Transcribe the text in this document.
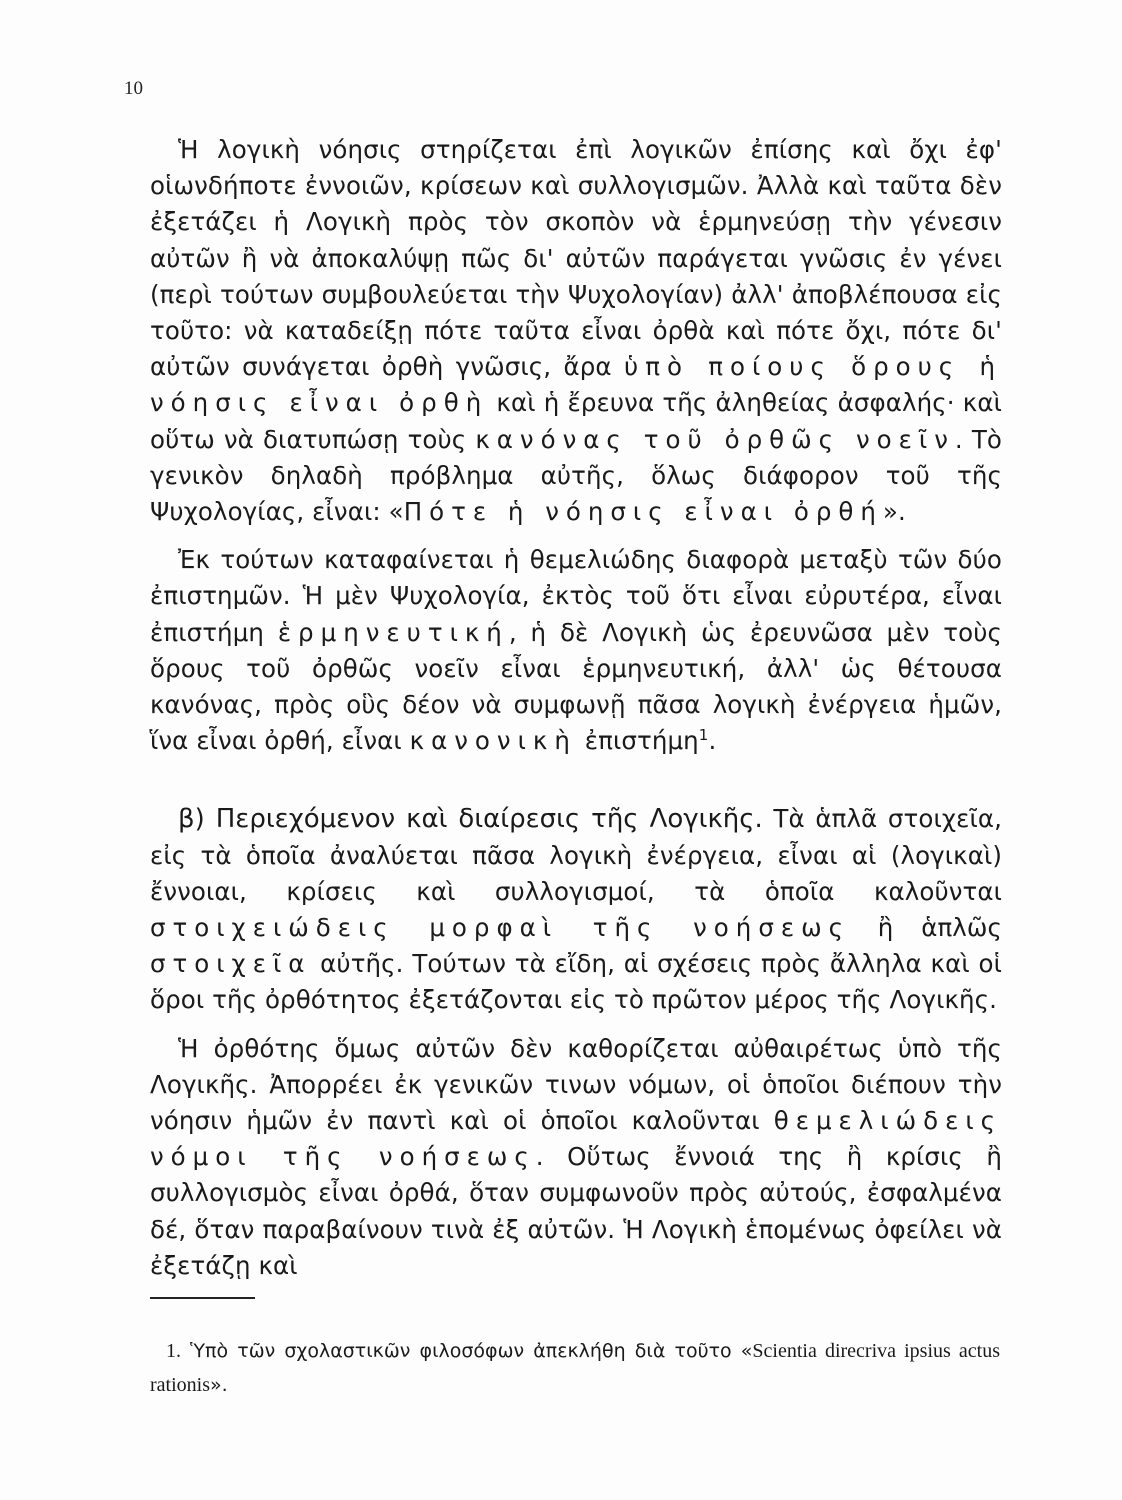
10

Ἡ λογικὴ νόησις στηρίζεται ἐπὶ λογικῶν ἐπίσης καὶ ὄχι ἐφ' οἱωνδήποτε ἐννοιῶν, κρίσεων καὶ συλλογισμῶν. Ἀλλὰ καὶ ταῦτα δὲν ἐξετάζει ἡ Λογικὴ πρὸς τὸν σκοπὸν νὰ ἑρμηνεύσῃ τὴν γένεσιν αὐτῶν ἢ νὰ ἀποκαλύψῃ πῶς δι' αὐτῶν παράγεται γνῶσις ἐν γένει (περὶ τούτων συμβουλεύεται τὴν Ψυχολογίαν) ἀλλ' ἀποβλέπουσα εἰς τοῦτο: νὰ καταδείξῃ πότε ταῦτα εἶναι ὀρθὰ καὶ πότε ὄχι, πότε δι' αὐτῶν συνάγεται ὀρθὴ γνῶσις, ἄρα ὑπὸ ποίους ὅρους ἡ νόησις εἶναι ὀρθὴ καὶ ἡ ἔρευνα τῆς ἀληθείας ἀσφαλής· καὶ οὕτω νὰ διατυπώσῃ τοὺς κανόνας τοῦ ὀρθῶς νοεῖν. Τὸ γενικὸν δηλαδὴ πρόβλημα αὐτῆς, ὅλως διάφορον τοῦ τῆς Ψυχολογίας, εἶναι: «Πότε ἡ νόησις εἶναι ὀρθή».

Ἐκ τούτων καταφαίνεται ἡ θεμελιώδης διαφορὰ μεταξὺ τῶν δύο ἐπιστημῶν. Ἡ μὲν Ψυχολογία, ἐκτὸς τοῦ ὅτι εἶναι εὐρυτέρα, εἶναι ἐπιστήμη ἑρμηνευτική, ἡ δὲ Λογικὴ ὡς ἐρευνῶσα μὲν τοὺς ὅρους τοῦ ὀρθῶς νοεῖν εἶναι ἑρμηνευτική, ἀλλ' ὡς θέτουσα κανόνας, πρὸς οὓς δέον νὰ συμφωνῇ πᾶσα λογικὴ ἐνέργεια ἡμῶν, ἵνα εἶναι ὀρθή, εἶναι κανονικὴ ἐπιστήμη$^1$.

β) Περιεχόμενον καὶ διαίρεσις τῆς Λογικῆς. Τὰ ἁπλᾶ στοιχεῖα, εἰς τὰ ὁποῖα ἀναλύεται πᾶσα λογικὴ ἐνέργεια, εἶναι αἱ (λογικαὶ) ἔννοιαι, κρίσεις καὶ συλλογισμοί, τὰ ὁποῖα καλοῦνται στοιχειώδεις μορφαὶ τῆς νοήσεως ἢ ἁπλῶς στοιχεῖα αὐτῆς. Τούτων τὰ εἴδη, αἱ σχέσεις πρὸς ἄλληλα καὶ οἱ ὅροι τῆς ὀρθότητος ἐξετάζονται εἰς τὸ πρῶτον μέρος τῆς Λογικῆς.

Ἡ ὀρθότης ὅμως αὐτῶν δὲν καθορίζεται αὐθαιρέτως ὑπὸ τῆς Λογικῆς. Ἀπορρέει ἐκ γενικῶν τινων νόμων, οἱ ὁποῖοι διέπουν τὴν νόησιν ἡμῶν ἐν παντὶ καὶ οἱ ὁποῖοι καλοῦνται θεμελιώδεις νόμοι τῆς νοήσεως. Οὕτως ἔννοιά της ἢ κρίσις ἢ συλλογισμὸς εἶναι ὀρθά, ὅταν συμφωνοῦν πρὸς αὐτούς, ἐσφαλμένα δέ, ὅταν παραβαίνουν τινὰ ἐξ αὐτῶν. Ἡ Λογικὴ ἑπομένως ὀφείλει νὰ ἐξετάζῃ καὶ

1. Ὑπὸ τῶν σχολαστικῶν φιλοσόφων ἀπεκλήθη διὰ τοῦτο «Scientia direcriva ipsius actus rationis».
